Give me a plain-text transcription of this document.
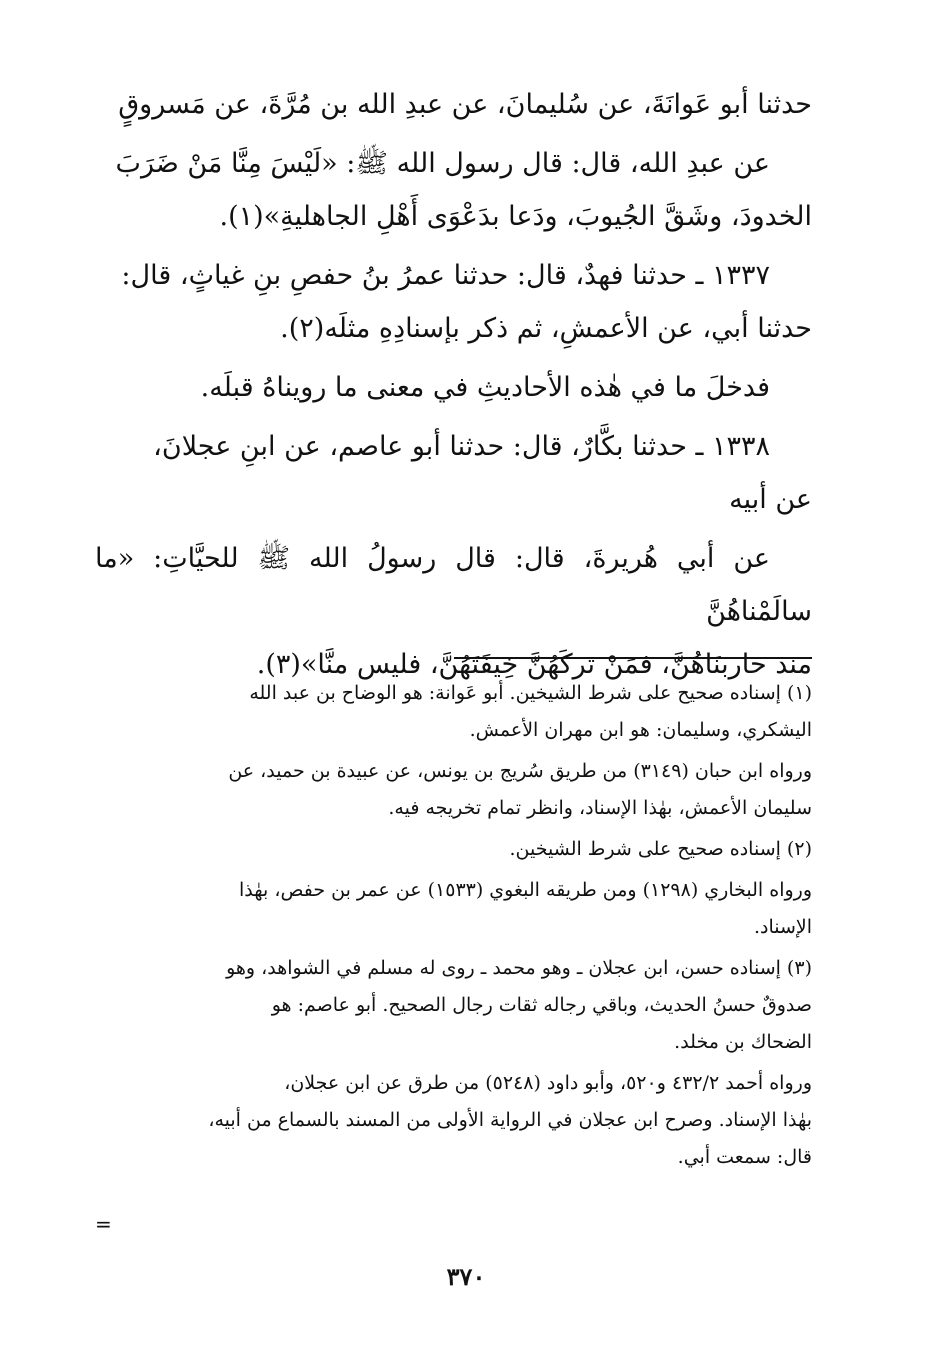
حدثنا أبو عَوانَةَ، عن سُليمانَ، عن عبدِ الله بن مُرَّةَ، عن مَسروقٍ

عن عبدِ الله، قال: قال رسول الله ﷺ: «لَيْسَ مِنَّا مَنْ ضَرَبَ
الخدودَ، وشَقَّ الجُيوبَ، ودَعا بدَعْوَى أَهْلِ الجاهليةِ»(١).

١٣٣٧ ـ حدثنا فهدٌ، قال: حدثنا عمرُ بنُ حفصِ بنِ غياثٍ، قال:
حدثنا أبي، عن الأعمشِ، ثم ذكر بإسنادِهِ مثلَه(٢).

فدخلَ ما في هٰذه الأحاديثِ في معنى ما رويناهُ قبلَه.

١٣٣٨ ـ حدثنا بكَّارٌ، قال: حدثنا أبو عاصم، عن ابنِ عجلانَ،
عن أبيه

عن أبي هُريرةَ، قال: قال رسولُ الله ﷺ للحيَّاتِ: «ما سالَمْناهُنَّ
منذ حاربنَاهُنَّ، فمَنْ تركَهُنَّ خِيفَتَهُنَّ، فليس منَّا»(٣).

(١) إسناده صحيح على شرط الشيخين. أبو عَوانة: هو الوضاح بن عبد الله
اليشكري، وسليمان: هو ابن مهران الأعمش.

ورواه ابن حبان (٣١٤٩) من طريق سُريج بن يونس، عن عبيدة بن حميد، عن
سليمان الأعمش، بهٰذا الإسناد، وانظر تمام تخريجه فيه.

(٢) إسناده صحيح على شرط الشيخين.

ورواه البخاري (١٢٩٨) ومن طريقه البغوي (١٥٣٣) عن عمر بن حفص، بهٰذا
الإسناد.

(٣) إسناده حسن، ابن عجلان ـ وهو محمد ـ روى له مسلم في الشواهد، وهو
صدوقٌ حسنُ الحديث، وباقي رجاله ثقات رجال الصحيح. أبو عاصم: هو
الضحاك بن مخلد.

ورواه أحمد ٤٣٢/٢ و٥٢٠، وأبو داود (٥٢٤٨) من طرق عن ابن عجلان،
بهٰذا الإسناد. وصرح ابن عجلان في الرواية الأولى من المسند بالسماع من أبيه،
قال: سمعت أبي.

=
٣٧٠
